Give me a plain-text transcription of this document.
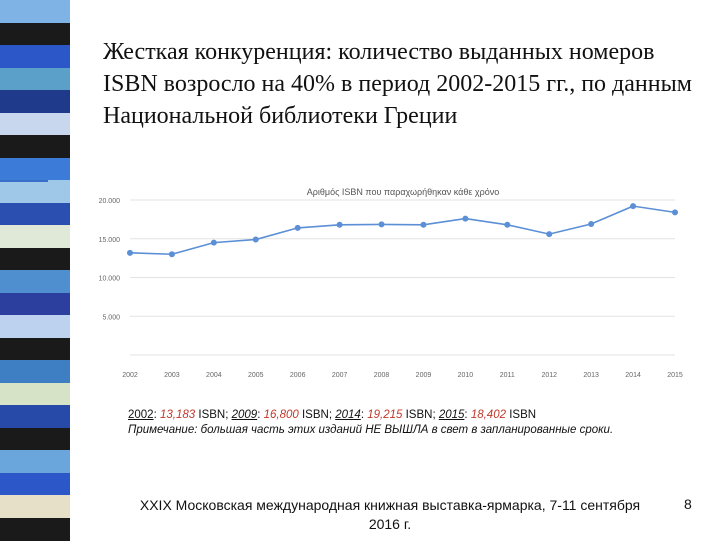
Жесткая конкуренция: количество выданных номеров ISBN возросло на 40% в период 2002-2015 гг., по данным Национальной библиотеки Греции
Αριθμός ISBN που παραχωρήθηκαν κάθε χρόνο
20.000
15.000
10.000
5.000
2002	2003	2004	2005	2006	2007	2008	2009	2010	2011	2012	2013	2014	2015
2002: 13,183 ISBN; 2009: 16,800 ISBN; 2014: 19,215 ISBN; 2015: 18,402 ISBN
Примечание: большая часть этих изданий НЕ ВЫШЛА в свет в запланированные сроки.
XXIX Московская международная книжная выставка-ярмарка, 7-11 сентября 2016 г.
8
